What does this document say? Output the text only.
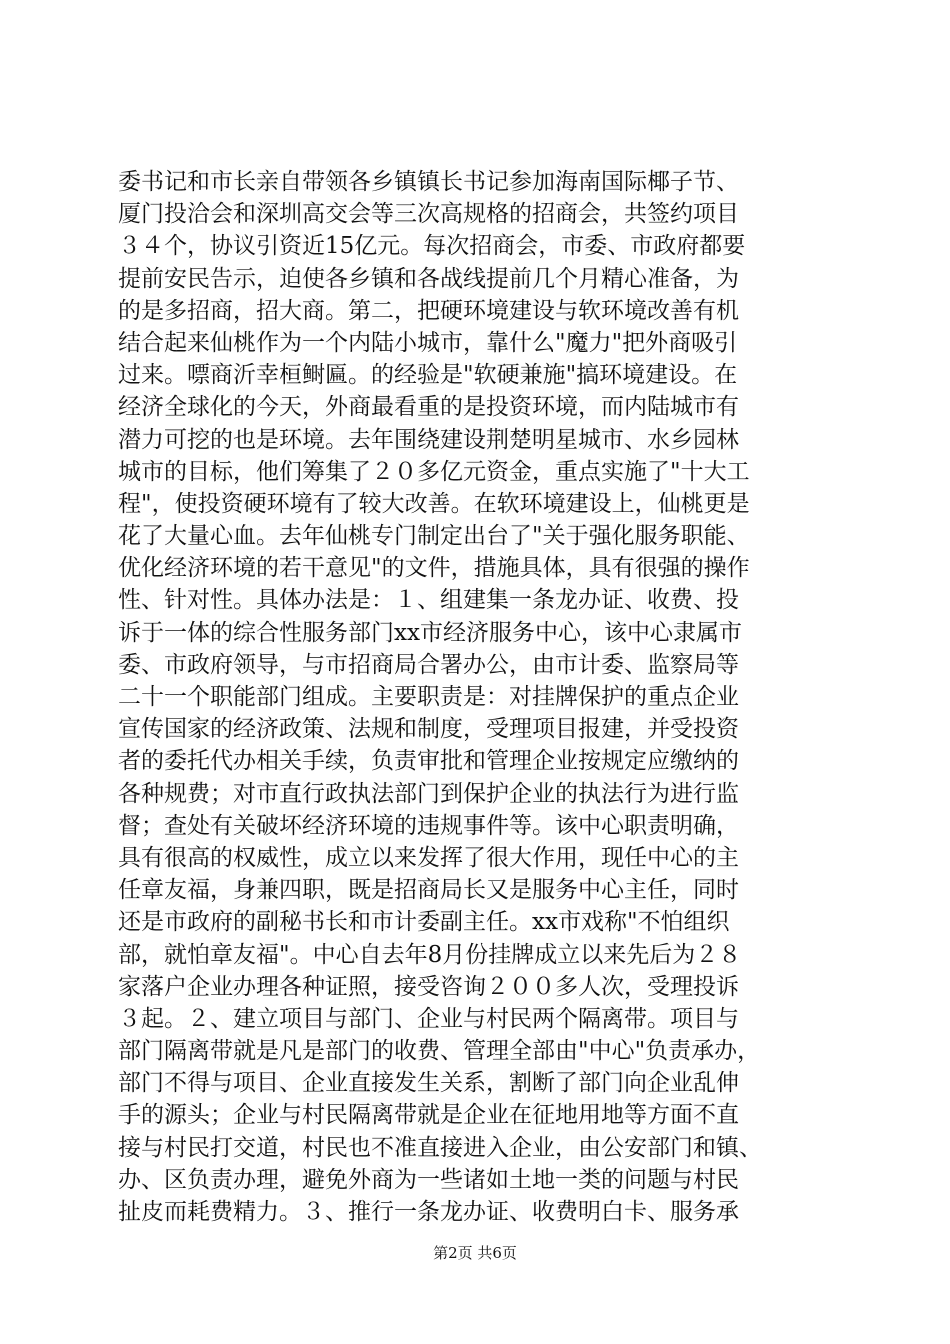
委书记和市长亲自带领各乡镇镇长书记参加海南国际椰子节、
厦门投洽会和深圳高交会等三次高规格的招商会，共签约项目
３４个，协议引资近15亿元。每次招商会，市委、市政府都要
提前安民告示，迫使各乡镇和各战线提前几个月精心准备，为
的是多招商，招大商。第二，把硬环境建设与软环境改善有机
结合起来仙桃作为一个内陆小城市，靠什么"魔力"把外商吸引
过来。嘌商沂幸桓鲥匾。的经验是"软硬兼施"搞环境建设。在
经济全球化的今天，外商最看重的是投资环境，而内陆城市有
潜力可挖的也是环境。去年围绕建设荆楚明星城市、水乡园林
城市的目标，他们筹集了２０多亿元资金，重点实施了"十大工
程"，使投资硬环境有了较大改善。在软环境建设上，仙桃更是
花了大量心血。去年仙桃专门制定出台了"关于强化服务职能、
优化经济环境的若干意见"的文件，措施具体，具有很强的操作
性、针对性。具体办法是：１、组建集一条龙办证、收费、投
诉于一体的综合性服务部门xx市经济服务中心，该中心隶属市
委、市政府领导，与市招商局合署办公，由市计委、监察局等
二十一个职能部门组成。主要职责是：对挂牌保护的重点企业
宣传国家的经济政策、法规和制度，受理项目报建，并受投资
者的委托代办相关手续，负责审批和管理企业按规定应缴纳的
各种规费；对市直行政执法部门到保护企业的执法行为进行监
督；查处有关破坏经济环境的违规事件等。该中心职责明确，
具有很高的权威性，成立以来发挥了很大作用，现任中心的主
任章友福，身兼四职，既是招商局长又是服务中心主任，同时
还是市政府的副秘书长和市计委副主任。xx市戏称"不怕组织
部，就怕章友福"。中心自去年8月份挂牌成立以来先后为２８
家落户企业办理各种证照，接受咨询２００多人次，受理投诉
３起。２、建立项目与部门、企业与村民两个隔离带。项目与
部门隔离带就是凡是部门的收费、管理全部由"中心"负责承办，
部门不得与项目、企业直接发生关系，割断了部门向企业乱伸
手的源头；企业与村民隔离带就是企业在征地用地等方面不直
接与村民打交道，村民也不准直接进入企业，由公安部门和镇、
办、区负责办理，避免外商为一些诸如土地一类的问题与村民
扯皮而耗费精力。３、推行一条龙办证、收费明白卡、服务承
第2页 共6页
